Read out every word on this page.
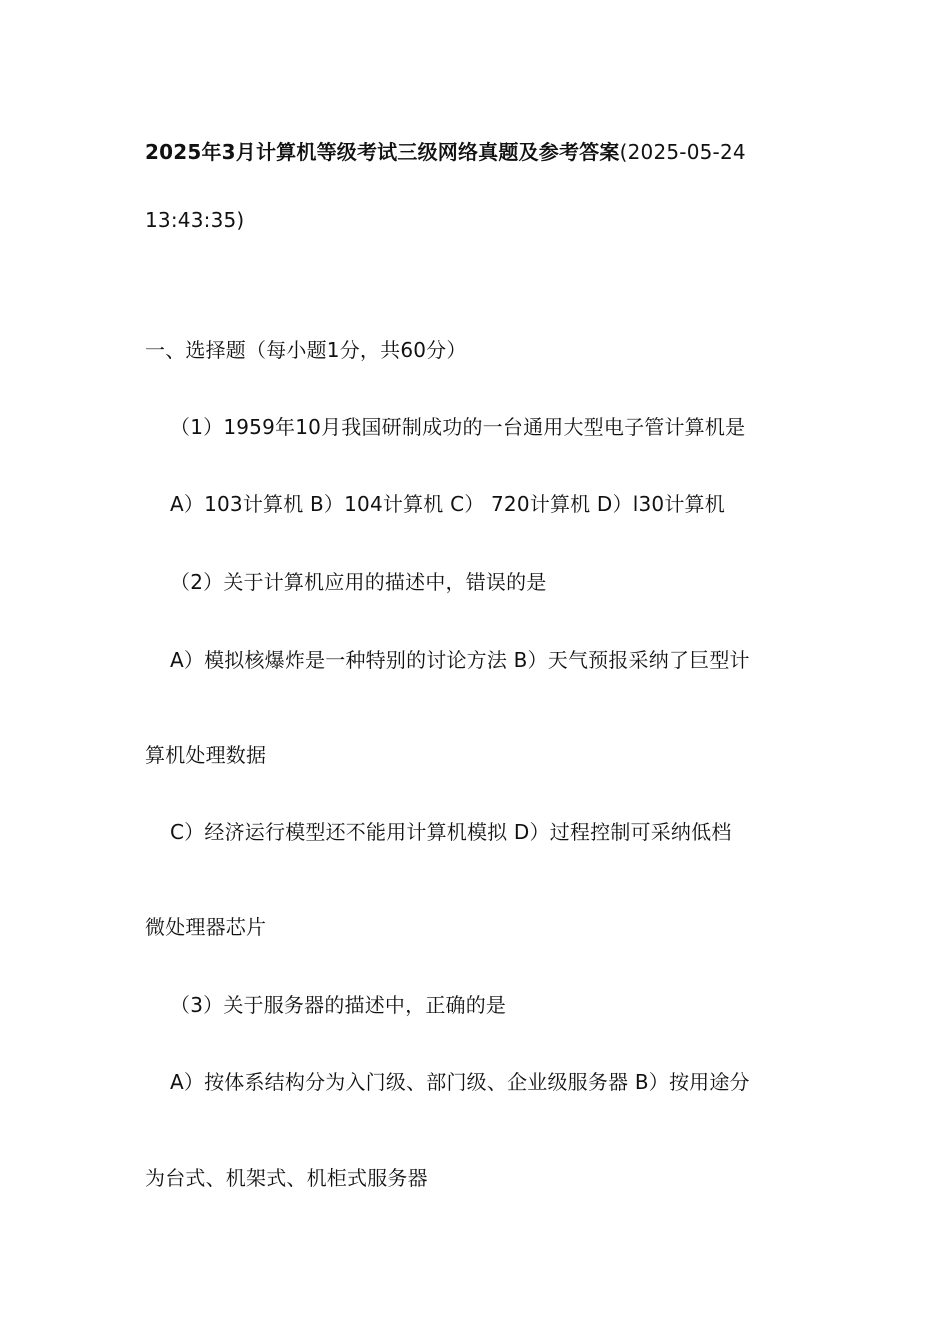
2025年3月计算机等级考试三级网络真题及参考答案(2025-05-24
13:43:35)
一、选择题（每小题1分，共60分）
（1）1959年10月我国研制成功的一台通用大型电子管计算机是
A）103计算机 B）104计算机 C） 720计算机 D）l30计算机
（2）关于计算机应用的描述中，错误的是
A）模拟核爆炸是一种特别的讨论方法 B）天气预报采纳了巨型计
算机处理数据
C）经济运行模型还不能用计算机模拟 D）过程控制可采纳低档
微处理器芯片
（3）关于服务器的描述中，正确的是
A）按体系结构分为入门级、部门级、企业级服务器 B）按用途分
为台式、机架式、机柜式服务器
